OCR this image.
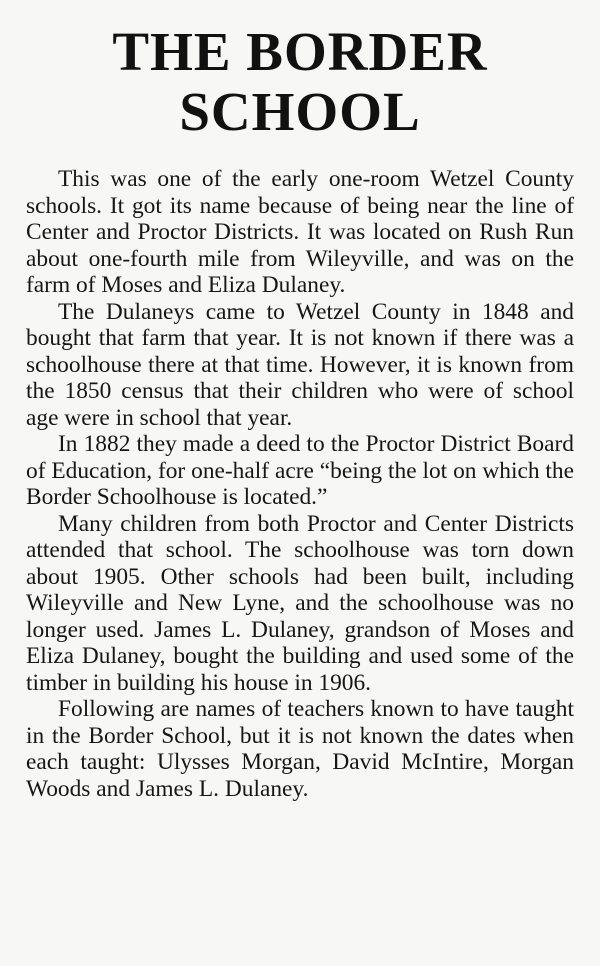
THE BORDER
SCHOOL

This was one of the early one-room Wetzel County schools. It got its name because of being near the line of Center and Proctor Districts. It was located on Rush Run about one-fourth mile from Wileyville, and was on the farm of Moses and Eliza Dulaney.

The Dulaneys came to Wetzel County in 1848 and bought that farm that year. It is not known if there was a schoolhouse there at that time. However, it is known from the 1850 census that their children who were of school age were in school that year.

In 1882 they made a deed to the Proctor District Board of Education, for one-half acre “being the lot on which the Border Schoolhouse is located.”

Many children from both Proctor and Center Districts attended that school. The schoolhouse was torn down about 1905. Other schools had been built, including Wileyville and New Lyne, and the schoolhouse was no longer used. James L. Dulaney, grandson of Moses and Eliza Dulaney, bought the building and used some of the timber in building his house in 1906.

Following are names of teachers known to have taught in the Border School, but it is not known the dates when each taught: Ulysses Morgan, David McIntire, Morgan Woods and James L. Dulaney.
